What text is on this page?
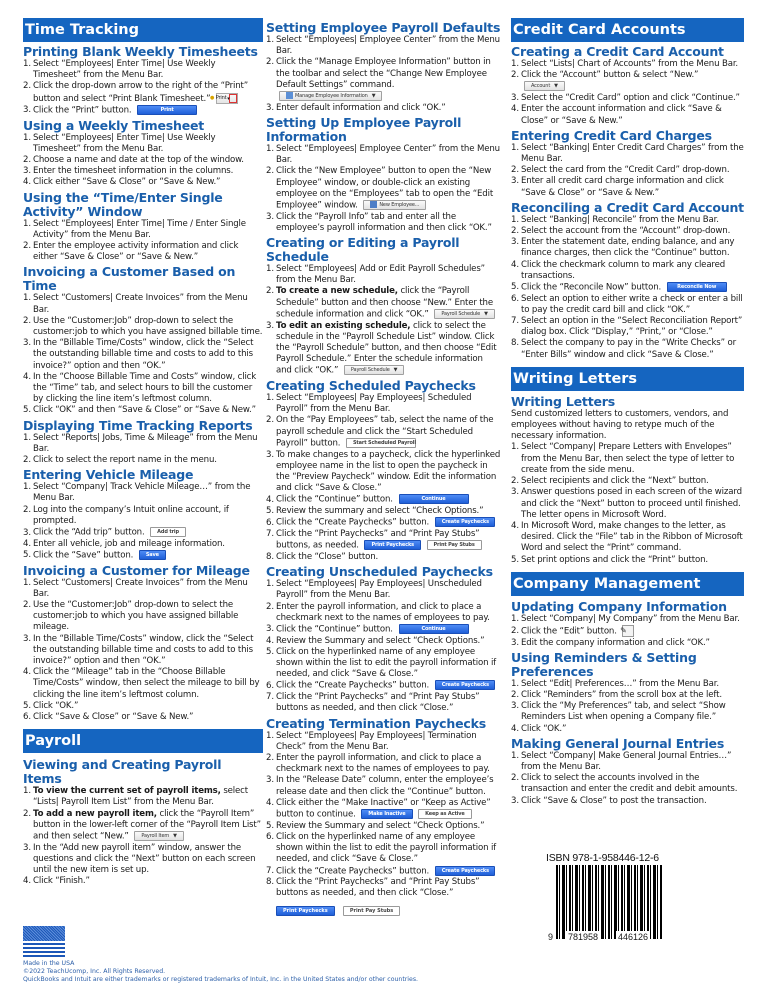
Time Tracking
Printing Blank Weekly Timesheets
1. Select “Employees| Enter Time| Use Weekly Timesheet” from the Menu Bar.
2. Click the drop-down arrow to the right of the “Print” button and select “Print Blank Timesheet.” ● Print▾
3. Click the “Print” button.	Print
Using a Weekly Timesheet
1. Select “Employees| Enter Time| Use Weekly Timesheet” from the Menu Bar.
2. Choose a name and date at the top of the window.
3. Enter the timesheet information in the columns.
4. Click either “Save & Close” or “Save & New.”
Using the “Time/Enter Single Activity” Window
1. Select “Employees| Enter Time| Time / Enter Single Activity” from the Menu Bar.
2. Enter the employee activity information and click either “Save & Close” or “Save & New.”
Invoicing a Customer Based on Time
1. Select “Customers| Create Invoices” from the Menu Bar.
2. Use the “Customer:Job” drop-down to select the customer:job to which you have assigned billable time.
3. In the “Billable Time/Costs” window, click the “Select the outstanding billable time and costs to add to this invoice?” option and then “OK.”
4. In the “Choose Billable Time and Costs” window, click the “Time” tab, and select hours to bill the customer by clicking the line item’s leftmost column.
5. Click “OK” and then “Save & Close” or “Save & New.”
Displaying Time Tracking Reports
1. Select “Reports| Jobs, Time & Mileage” from the Menu Bar.
2. Click to select the report name in the menu.
Entering Vehicle Mileage
1. Select “Company| Track Vehicle Mileage…” from the Menu Bar.
2. Log into the company’s Intuit online account, if prompted.
3. Click the “Add trip” button.	Add trip
4. Enter all vehicle, job and mileage information.
5. Click the “Save” button.	Save
Invoicing a Customer for Mileage
1. Select “Customers| Create Invoices” from the Menu Bar.
2. Use the “Customer:Job” drop-down to select the customer:job to which you have assigned billable mileage.
3. In the “Billable Time/Costs” window, click the “Select the outstanding billable time and costs to add to this invoice?” option and then “OK.”
4. Click the “Mileage” tab in the “Choose Billable Time/Costs” window, then select the mileage to bill by clicking the line item’s leftmost column.
5. Click “OK.”
6. Click “Save & Close” or “Save & New.”
Payroll
Viewing and Creating Payroll Items
1. To view the current set of payroll items, select “Lists| Payroll Item List” from the Menu Bar.
2. To add a new payroll item, click the “Payroll Item” button in the lower-left corner of the “Payroll Item List” and then select “New.”	Payroll Item ▼
3. In the “Add new payroll item” window, answer the questions and click the “Next” button on each screen until the new item is set up.
4. Click “Finish.”
Setting Employee Payroll Defaults
1. Select “Employees| Employee Center” from the Menu Bar.
2. Click the “Manage Employee Information” button in the toolbar and select the “Change New Employee Default Settings” command. Manage Employee Information ▼
3. Enter default information and click “OK.”
Setting Up Employee Payroll Information
1. Select “Employees| Employee Center” from the Menu Bar.
2. Click the “New Employee” button to open the “New Employee” window, or double-click an existing employee on the “Employees” tab to open the “Edit Employee” window.	New Employee...
3. Click the “Payroll Info” tab and enter all the employee’s payroll information and then click “OK.”
Creating or Editing a Payroll Schedule
1. Select “Employees| Add or Edit Payroll Schedules” from the Menu Bar.
2. To create a new schedule, click the “Payroll Schedule” button and then choose “New.” Enter the schedule information and click “OK.”	Payroll Schedule ▼
3. To edit an existing schedule, click to select the schedule in the “Payroll Schedule List” window. Click the “Payroll Schedule” button, and then choose “Edit Payroll Schedule.” Enter the schedule information and click “OK.”	Payroll Schedule ▼
Creating Scheduled Paychecks
1. Select “Employees| Pay Employees| Scheduled Payroll” from the Menu Bar.
2. On the “Pay Employees” tab, select the name of the payroll schedule and click the “Start Scheduled Payroll” button.	Start Scheduled Payroll
3. To make changes to a paycheck, click the hyperlinked employee name in the list to open the paycheck in the “Preview Paycheck” window. Edit the information and click “Save & Close.”
4. Click the “Continue” button.	Continue
5. Review the summary and select “Check Options.”
6. Click the “Create Paychecks” button.	Create Paychecks
7. Click the “Print Paychecks” and “Print Pay Stubs” buttons, as needed.	Print Paychecks	Print Pay Stubs
8. Click the “Close” button.
Creating Unscheduled Paychecks
1. Select “Employees| Pay Employees| Unscheduled Payroll” from the Menu Bar.
2. Enter the payroll information, and click to place a checkmark next to the names of employees to pay.
3. Click the “Continue” button.	Continue
4. Review the Summary and select “Check Options.”
5. Click on the hyperlinked name of any employee shown within the list to edit the payroll information if needed, and click “Save & Close.”
6. Click the “Create Paychecks” button.	Create Paychecks
7. Click the “Print Paychecks” and “Print Pay Stubs” buttons as needed, and then click “Close.”
Creating Termination Paychecks
1. Select “Employees| Pay Employees| Termination Check” from the Menu Bar.
2. Enter the payroll information, and click to place a checkmark next to the names of employees to pay.
3. In the “Release Date” column, enter the employee’s release date and then click the “Continue” button.
4. Click either the “Make Inactive” or “Keep as Active” button to continue.	Make Inactive	Keep as Active
5. Review the Summary and select “Check Options.”
6. Click on the hyperlinked name of any employee shown within the list to edit the payroll information if needed, and click “Save & Close.”
7. Click the “Create Paychecks” button.	Create Paychecks
8. Click the “Print Paychecks” and “Print Pay Stubs” buttons as needed, and then click “Close.”
Print Paychecks	Print Pay Stubs
Credit Card Accounts
Creating a Credit Card Account
1. Select “Lists| Chart of Accounts” from the Menu Bar.
2. Click the “Account” button & select “New.” Account ▼
3. Select the “Credit Card” option and click “Continue.”
4. Enter the account information and click “Save & Close” or “Save & New.”
Entering Credit Card Charges
1. Select “Banking| Enter Credit Card Charges” from the Menu Bar.
2. Select the card from the “Credit Card” drop-down.
3. Enter all credit card charge information and click “Save & Close” or “Save & New.”
Reconciling a Credit Card Account
1. Select “Banking| Reconcile” from the Menu Bar.
2. Select the account from the “Account” drop-down.
3. Enter the statement date, ending balance, and any finance charges, then click the “Continue” button.
4. Click the checkmark column to mark any cleared transactions.
5. Click the “Reconcile Now” button.	Reconcile Now
6. Select an option to either write a check or enter a bill to pay the credit card bill and click “OK.”
7. Select an option in the “Select Reconciliation Report” dialog box. Click “Display,” “Print,” or “Close.”
8. Select the company to pay in the “Write Checks” or “Enter Bills” window and click “Save & Close.”
Writing Letters
Writing Letters

Send customized letters to customers, vendors, and employees without having to retype much of the necessary information.

1. Select “Company| Prepare Letters with Envelopes” from the Menu Bar, then select the type of letter to create from the side menu.
2. Select recipients and click the “Next” button.
3. Answer questions posed in each screen of the wizard and click the “Next” button to proceed until finished. The letter opens in Microsoft Word.
4. In Microsoft Word, make changes to the letter, as desired. Click the “File” tab in the Ribbon of Microsoft Word and select the “Print” command.
5. Set print options and click the “Print” button.
Company Management
Updating Company Information
1. Select “Company| My Company” from the Menu Bar.
2. Click the “Edit” button. ✎
3. Edit the company information and click “OK.”
Using Reminders & Setting Preferences
1. Select “Edit| Preferences…” from the Menu Bar.
2. Click “Reminders” from the scroll box at the left.
3. Click the “My Preferences” tab, and select “Show Reminders List when opening a Company file.”
4. Click “OK.”
Making General Journal Entries
1. Select “Company| Make General Journal Entries…” from the Menu Bar.
2. Click to select the accounts involved in the transaction and enter the credit and debit amounts.
3. Click “Save & Close” to post the transaction.
ISBN 978-1-958446-12-6
9 781958 446126
Made in the USA
©2022 TeachUcomp, Inc. All Rights Reserved.
QuickBooks and Intuit are either trademarks or registered trademarks of Intuit, Inc. in the United States and/or other countries.
